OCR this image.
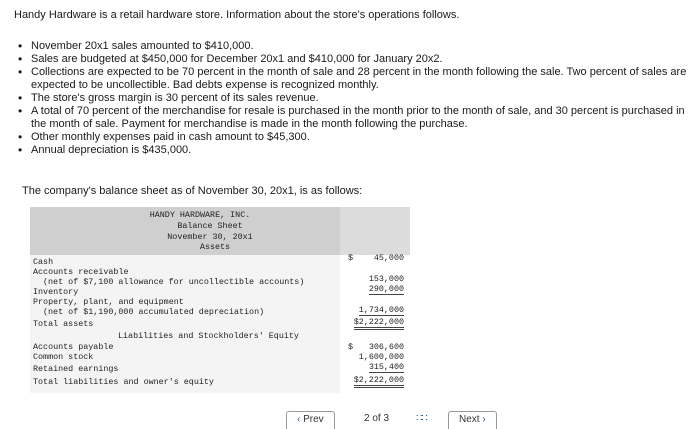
Handy Hardware is a retail hardware store. Information about the store's operations follows.
• November 20x1 sales amounted to $410,000.
• Sales are budgeted at $450,000 for December 20x1 and $410,000 for January 20x2.
• Collections are expected to be 70 percent in the month of sale and 28 percent in the month following the sale. Two percent of sales are expected to be uncollectible. Bad debts expense is recognized monthly.
• The store's gross margin is 30 percent of its sales revenue.
• A total of 70 percent of the merchandise for resale is purchased in the month prior to the month of sale, and 30 percent is purchased in the month of sale. Payment for merchandise is made in the month following the purchase.
• Other monthly expenses paid in cash amount to $45,300.
• Annual depreciation is $435,000.
The company's balance sheet as of November 30, 20x1, is as follows:
HANDY HARDWARE, INC.
Balance Sheet
November 30, 20x1
Assets
Cash	$ 45,000
Accounts receivable
(net of $7,100 allowance for uncollectible accounts)	153,000
Inventory	290,000
Property, plant, and equipment
(net of $1,190,000 accumulated depreciation)	1,734,000
Total assets	$2,222,000
Liabilities and Stockholders' Equity
Accounts payable	$ 306,600
Common stock	1,600,000
Retained earnings	315,400
Total liabilities and owner's equity	$2,222,000
‹ Prev	2 of 3	∷∷	Next ›
